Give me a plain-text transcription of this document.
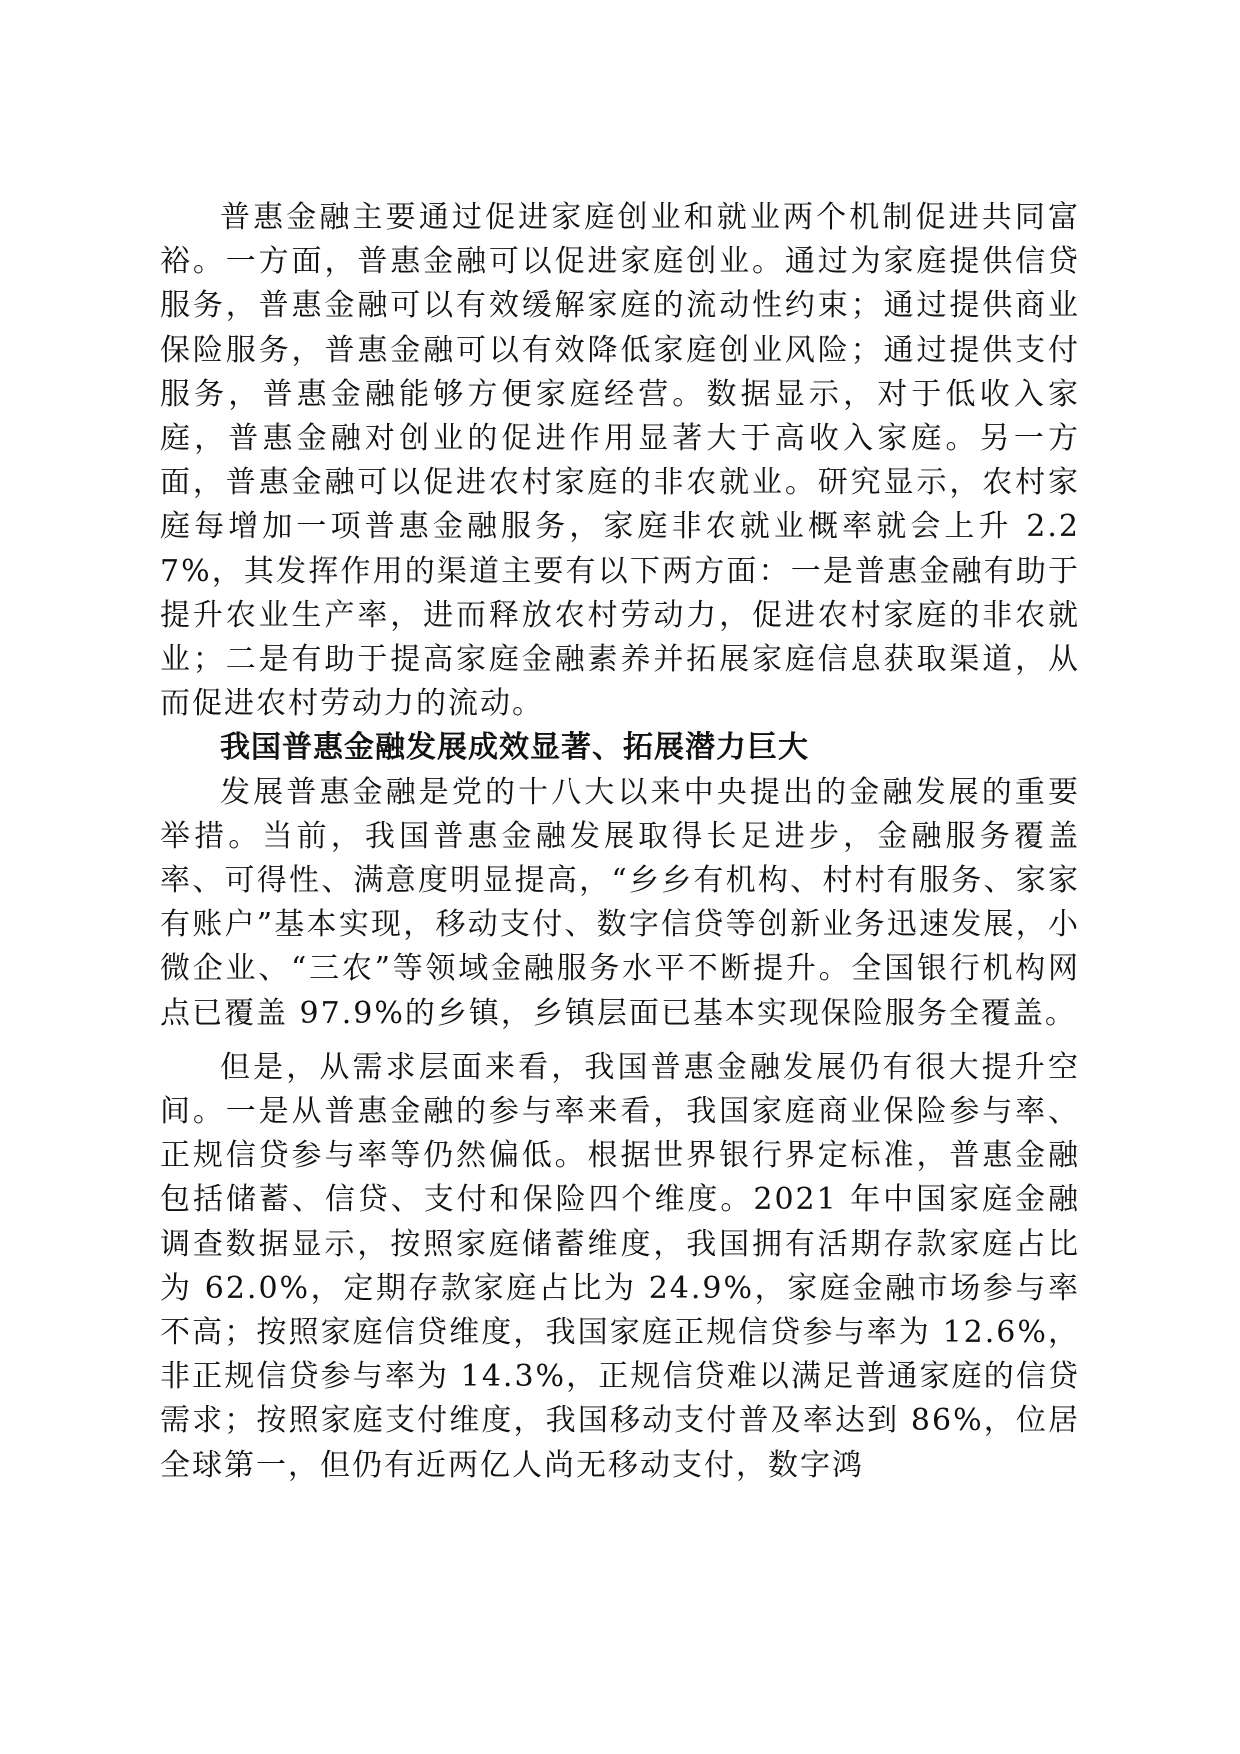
普惠金融主要通过促进家庭创业和就业两个机制促进共同富裕。一方面，普惠金融可以促进家庭创业。通过为家庭提供信贷服务，普惠金融可以有效缓解家庭的流动性约束；通过提供商业保险服务，普惠金融可以有效降低家庭创业风险；通过提供支付服务，普惠金融能够方便家庭经营。数据显示，对于低收入家庭，普惠金融对创业的促进作用显著大于高收入家庭。另一方面，普惠金融可以促进农村家庭的非农就业。研究显示，农村家庭每增加一项普惠金融服务，家庭非农就业概率就会上升 2.27%，其发挥作用的渠道主要有以下两方面：一是普惠金融有助于提升农业生产率，进而释放农村劳动力，促进农村家庭的非农就业；二是有助于提高家庭金融素养并拓展家庭信息获取渠道，从而促进农村劳动力的流动。

我国普惠金融发展成效显著、拓展潜力巨大

发展普惠金融是党的十八大以来中央提出的金融发展的重要举措。当前，我国普惠金融发展取得长足进步，金融服务覆盖率、可得性、满意度明显提高，“乡乡有机构、村村有服务、家家有账户”基本实现，移动支付、数字信贷等创新业务迅速发展，小微企业、“三农”等领域金融服务水平不断提升。全国银行机构网点已覆盖 97.9%的乡镇，乡镇层面已基本实现保险服务全覆盖。

但是，从需求层面来看，我国普惠金融发展仍有很大提升空间。一是从普惠金融的参与率来看，我国家庭商业保险参与率、正规信贷参与率等仍然偏低。根据世界银行界定标准，普惠金融包括储蓄、信贷、支付和保险四个维度。2021 年中国家庭金融调查数据显示，按照家庭储蓄维度，我国拥有活期存款家庭占比为 62.0%，定期存款家庭占比为 24.9%，家庭金融市场参与率不高；按照家庭信贷维度，我国家庭正规信贷参与率为 12.6%，非正规信贷参与率为 14.3%，正规信贷难以满足普通家庭的信贷需求；按照家庭支付维度，我国移动支付普及率达到 86%，位居全球第一，但仍有近两亿人尚无移动支付，数字鸿
